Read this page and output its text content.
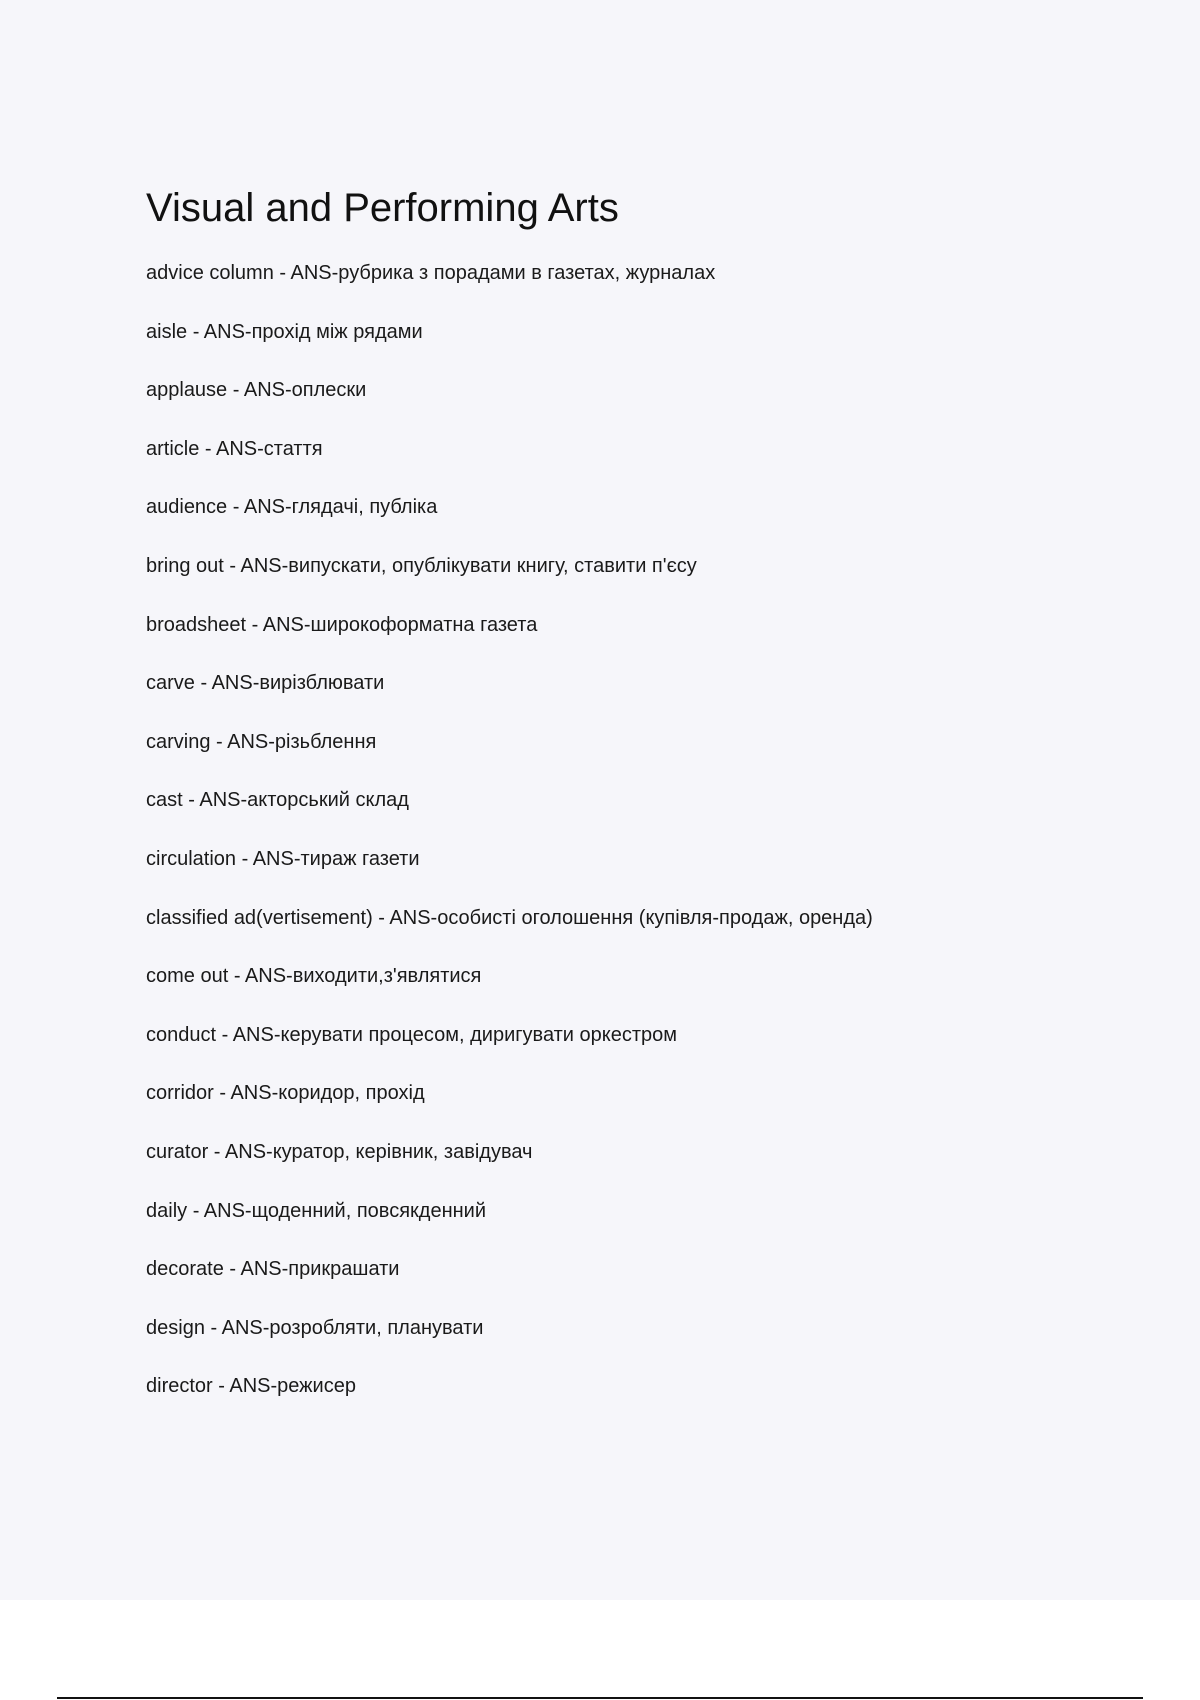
Visual and Performing Arts
advice column - ANS-рубрика з порадами в газетах, журналах
aisle - ANS-прохід між рядами
applause - ANS-оплески
article - ANS-стаття
audience - ANS-глядачі, публіка
bring out - ANS-випускати, опублікувати книгу, ставити п'єсу
broadsheet - ANS-широкоформатна газета
carve - ANS-вирізблювати
carving - ANS-різьблення
cast - ANS-акторський склад
circulation - ANS-тираж газети
classified ad(vertisement) - ANS-особисті оголошення (купівля-продаж, оренда)
come out - ANS-виходити,з'являтися
conduct - ANS-керувати процесом, диригувати оркестром
corridor - ANS-коридор, прохід
curator - ANS-куратор, керівник, завідувач
daily - ANS-щоденний, повсякденний
decorate - ANS-прикрашати
design - ANS-розробляти, планувати
director - ANS-режисер
